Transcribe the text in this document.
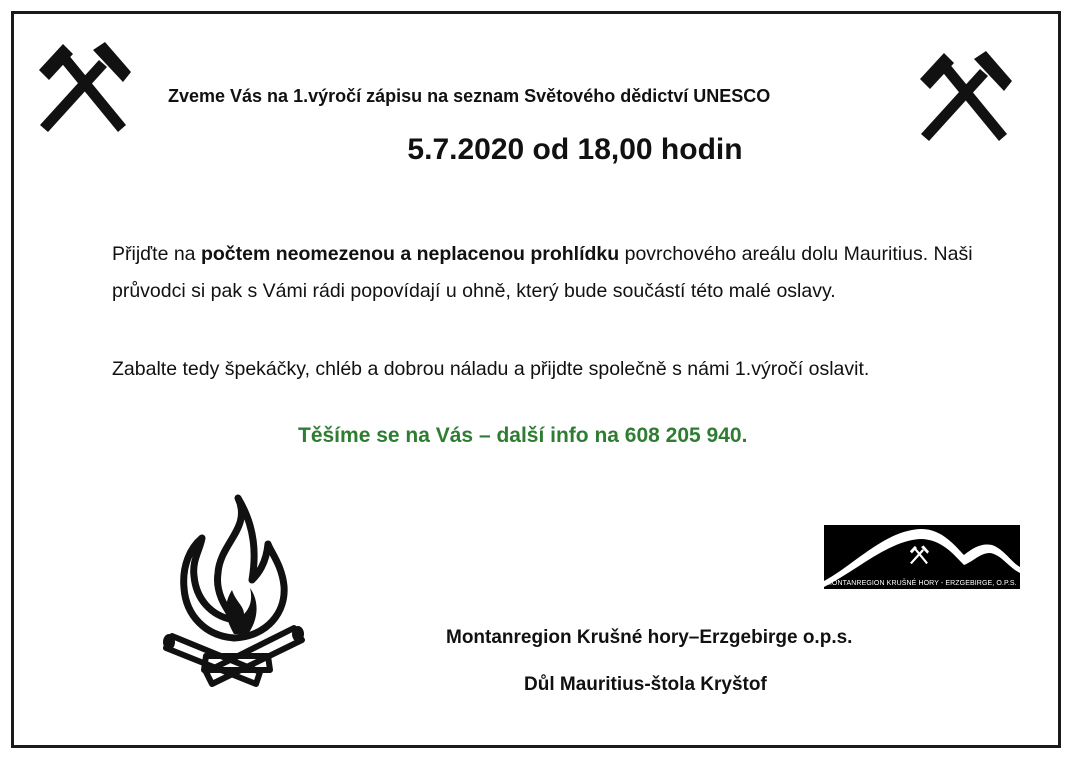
Zveme Vás na 1.výročí zápisu na seznam Světového dědictví UNESCO
5.7.2020 od 18,00 hodin
Přijďte na počtem neomezenou a neplacenou prohlídku povrchového areálu dolu Mauritius. Naši průvodci si pak s Vámi rádi popovídají u ohně, který bude součástí této malé oslavy.
Zabalte tedy špekáčky, chléb a dobrou náladu a přijdte společně s námi 1.výročí oslavit.
Těšíme se na Vás – další info na 608 205 940.
MONTANREGION KRUŠNÉ HORY - ERZGEBIRGE, O.P.S.
Montanregion Krušné hory–Erzgebirge o.p.s.
Důl Mauritius-štola Kryštof
